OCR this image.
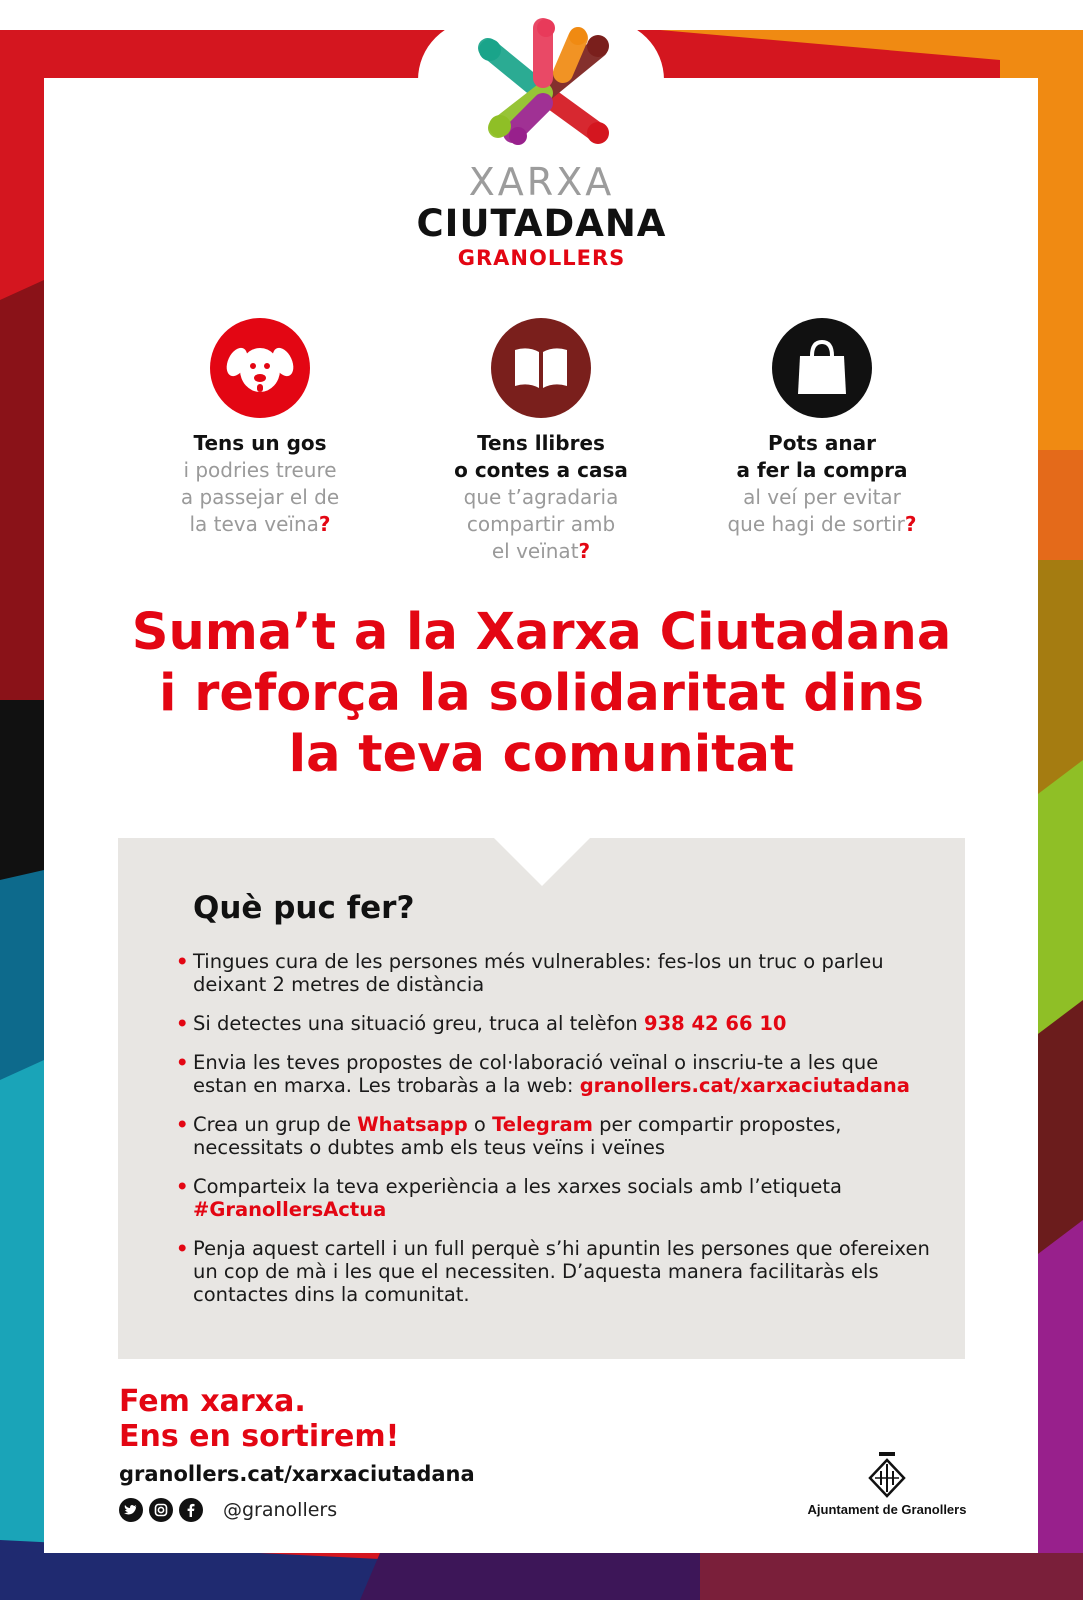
XARXA
CIUTADANA
GRANOLLERS
Tens un gos
i podries treure
a passejar el de
la teva veïna?
Tens llibres
o contes a casa
que t’agradaria
compartir amb
el veïnat?
Pots anar
a fer la compra
al veí per evitar
que hagi de sortir?
Suma’t a la Xarxa Ciutadana
i reforça la solidaritat dins
la teva comunitat
Què puc fer?
• Tingues cura de les persones més vulnerables: fes-los un truc o parleu deixant 2 metres de distància
• Si detectes una situació greu, truca al telèfon 938 42 66 10
• Envia les teves propostes de col·laboració veïnal o inscriu-te a les que estan en marxa. Les trobaràs a la web: granollers.cat/xarxaciutadana
• Crea un grup de Whatsapp o Telegram per compartir propostes, necessitats o dubtes amb els teus veïns i veïnes
• Comparteix la teva experiència a les xarxes socials amb l’etiqueta #GranollersActua
• Penja aquest cartell i un full perquè s’hi apuntin les persones que ofereixen un cop de mà i les que el necessiten. D’aquesta manera facilitaràs els contactes dins la comunitat.
Fem xarxa.
Ens en sortirem!
granollers.cat/xarxaciutadana
@granollers	Ajuntament de Granollers
